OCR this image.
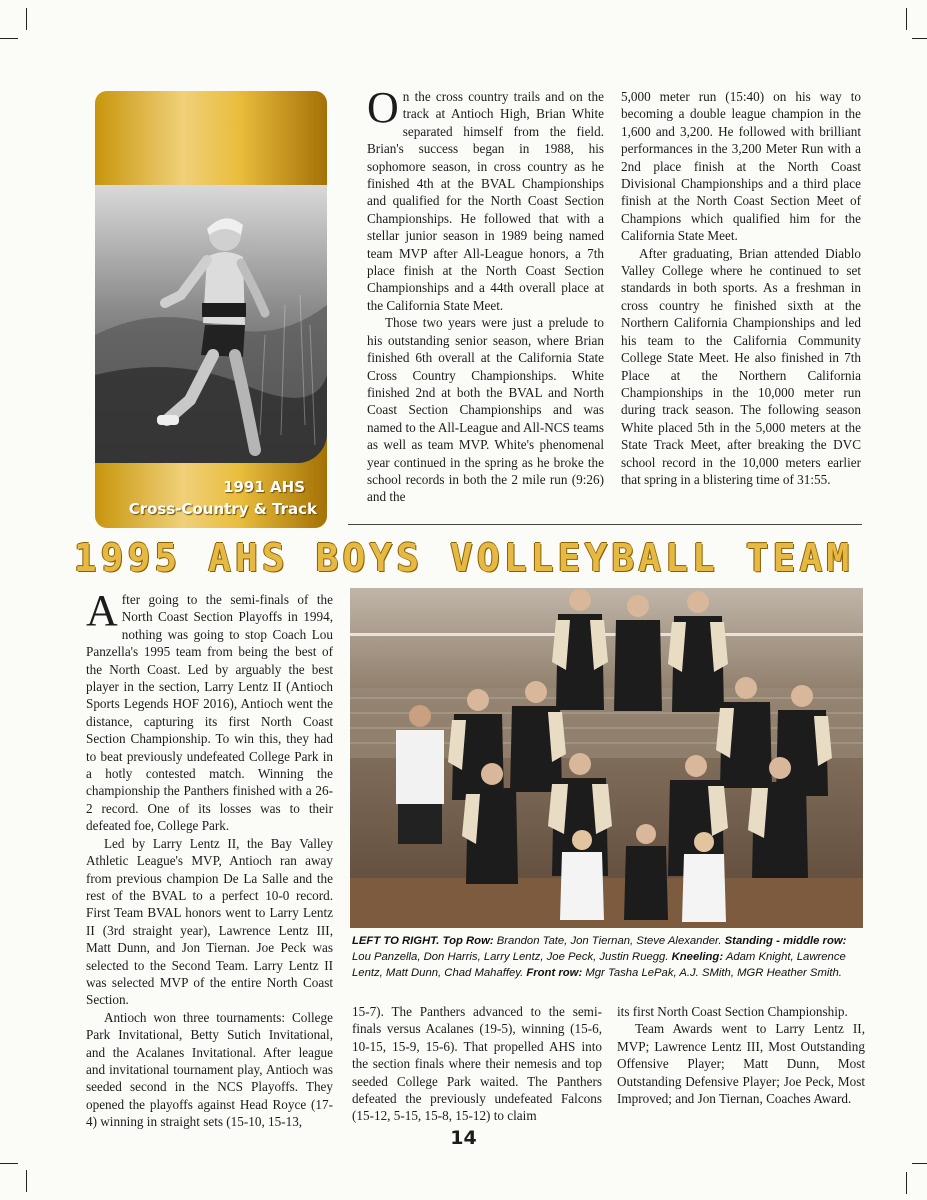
1991 AHS
Cross-Country & Track

On the cross country trails and on the track at Antioch High, Brian White separated himself from the field. Brian's success began in 1988, his sophomore season, in cross country as he finished 4th at the BVAL Championships and qualified for the North Coast Section Championships. He followed that with a stellar junior season in 1989 being named team MVP after All-League honors, a 7th place finish at the North Coast Section Championships and a 44th overall place at the California State Meet.

Those two years were just a prelude to his outstanding senior season, where Brian finished 6th overall at the California State Cross Country Championships. White finished 2nd at both the BVAL and North Coast Section Championships and was named to the All-League and All-NCS teams as well as team MVP. White's phenomenal year continued in the spring as he broke the school records in both the 2 mile run (9:26) and the

5,000 meter run (15:40) on his way to becoming a double league champion in the 1,600 and 3,200. He followed with brilliant performances in the 3,200 Meter Run with a 2nd place finish at the North Coast Divisional Championships and a third place finish at the North Coast Section Meet of Champions which qualified him for the California State Meet.

After graduating, Brian attended Diablo Valley College where he continued to set standards in both sports. As a freshman in cross country he finished sixth at the Northern California Championships and led his team to the California Community College State Meet. He also finished in 7th Place at the Northern California Championships in the 10,000 meter run during track season. The following season White placed 5th in the 5,000 meters at the State Track Meet, after breaking the DVC school record in the 10,000 meters earlier that spring in a blistering time of 31:55.

1995 AHS BOYS VOLLEYBALL TEAM

After going to the semi-finals of the North Coast Section Playoffs in 1994, nothing was going to stop Coach Lou Panzella's 1995 team from being the best of the North Coast. Led by arguably the best player in the section, Larry Lentz II (Antioch Sports Legends HOF 2016), Antioch went the distance, capturing its first North Coast Section Championship. To win this, they had to beat previously undefeated College Park in a hotly contested match. Winning the championship the Panthers finished with a 26-2 record. One of its losses was to their defeated foe, College Park.

Led by Larry Lentz II, the Bay Valley Athletic League's MVP, Antioch ran away from previous champion De La Salle and the rest of the BVAL to a perfect 10-0 record. First Team BVAL honors went to Larry Lentz II (3rd straight year), Lawrence Lentz III, Matt Dunn, and Jon Tiernan. Joe Peck was selected to the Second Team. Larry Lentz II was selected MVP of the entire North Coast Section.

Antioch won three tournaments: College Park Invitational, Betty Sutich Invitational, and the Acalanes Invitational. After league and invitational tournament play, Antioch was seeded second in the NCS Playoffs. They opened the playoffs against Head Royce (17-4) winning in straight sets (15-10, 15-13,

LEFT TO RIGHT. Top Row: Brandon Tate, Jon Tiernan, Steve Alexander. Standing - middle row: Lou Panzella, Don Harris, Larry Lentz, Joe Peck, Justin Ruegg. Kneeling: Adam Knight, Lawrence Lentz, Matt Dunn, Chad Mahaffey. Front row: Mgr Tasha LePak, A.J. SMith, MGR Heather Smith.

15-7). The Panthers advanced to the semi-finals versus Acalanes (19-5), winning (15-6, 10-15, 15-9, 15-6). That propelled AHS into the section finals where their nemesis and top seeded College Park waited. The Panthers defeated the previously undefeated Falcons (15-12, 5-15, 15-8, 15-12) to claim

its first North Coast Section Championship.

Team Awards went to Larry Lentz II, MVP; Lawrence Lentz III, Most Outstanding Offensive Player; Matt Dunn, Most Outstanding Defensive Player; Joe Peck, Most Improved; and Jon Tiernan, Coaches Award.

14
